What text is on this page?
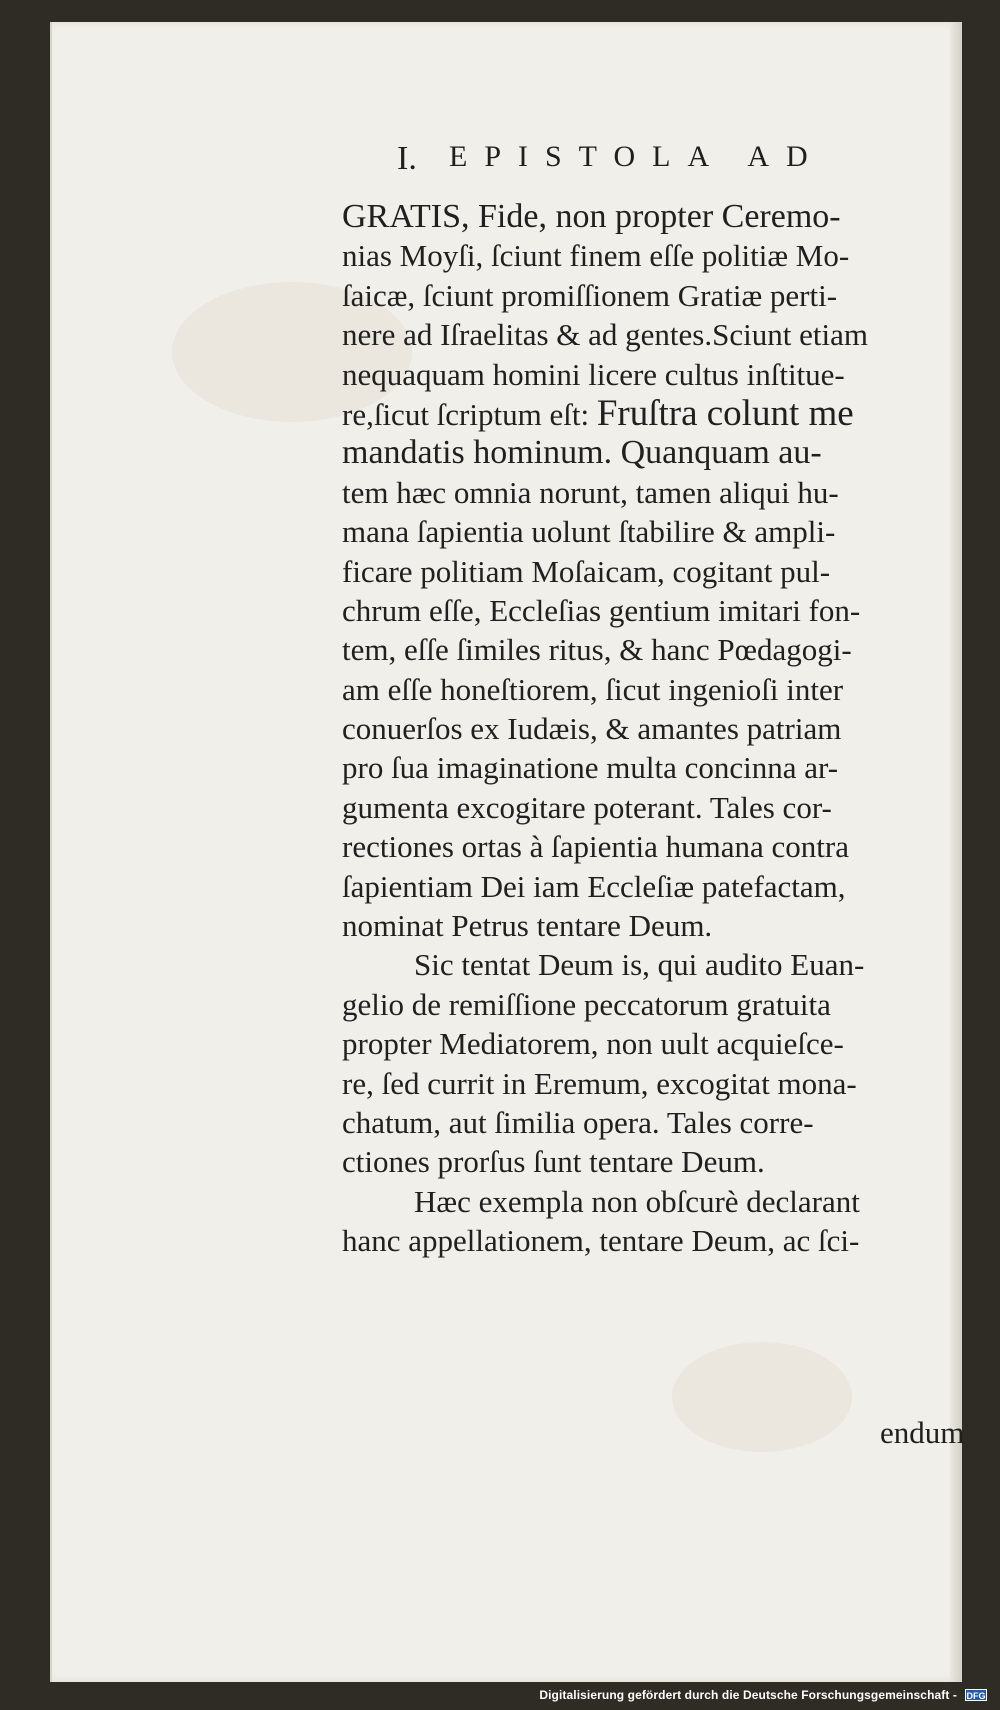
I. EPISTOLA AD
GRATIS, Fide, non propter Ceremo-
nias Moyſi, ſciunt finem eſſe politiæ Mo-
ſaicæ, ſciunt promiſſionem Gratiæ perti-
nere ad Iſraelitas & ad gentes.Sciunt etiam
nequaquam homini licere cultus inſtitue-
re,ſicut ſcriptum eſt: Fruſtra colunt me
mandatis hominum. Quanquam au-
tem hæc omnia norunt, tamen aliqui hu-
mana ſapientia uolunt ſtabilire & ampli-
ficare politiam Moſaicam, cogitant pul-
chrum eſſe, Eccleſias gentium imitari fon-
tem, eſſe ſimiles ritus, & hanc Pœdagogi-
am eſſe honeſtiorem, ſicut ingenioſi inter
conuerſos ex Iudæis, & amantes patriam
pro ſua imaginatione multa concinna ar-
gumenta excogitare poterant. Tales cor-
rectiones ortas à ſapientia humana contra
ſapientiam Dei iam Eccleſiæ patefactam,
nominat Petrus tentare Deum.
Sic tentat Deum is, qui audito Euan-
gelio de remiſſione peccatorum gratuita
propter Mediatorem, non uult acquieſce-
re, ſed currit in Eremum, excogitat mona-
chatum, aut ſimilia opera. Tales corre-
ctiones prorſus ſunt tentare Deum.
Hæc exempla non obſcurè declarant
hanc appellationem, tentare Deum, ac ſci-
endum
Digitalisierung gefördert durch die Deutsche Forschungsgemeinschaft - DFG
